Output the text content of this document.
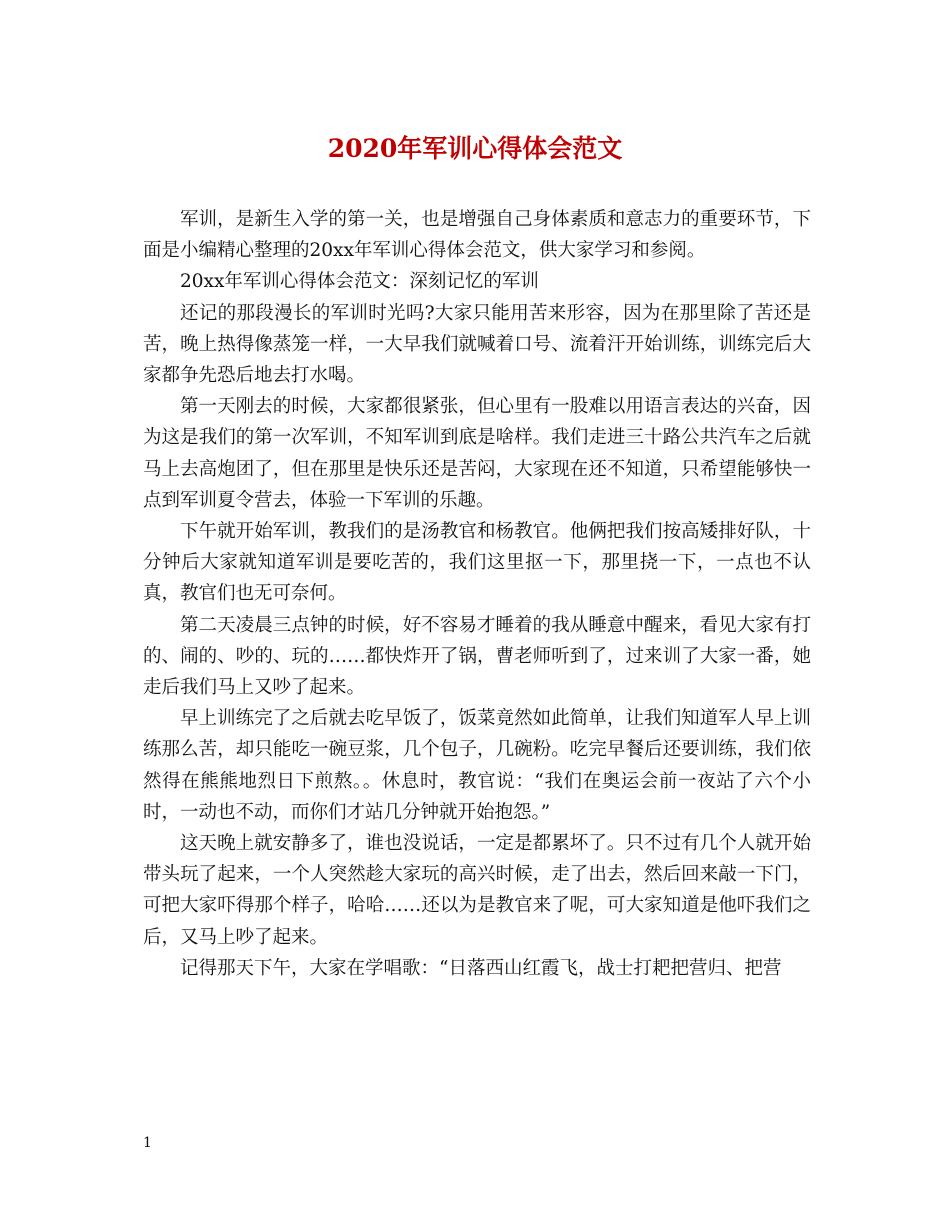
2020年军训心得体会范文

军训，是新生入学的第一关，也是增强自己身体素质和意志力的重要环节，下面是小编精心整理的20xx年军训心得体会范文，供大家学习和参阅。

20xx年军训心得体会范文：深刻记忆的军训

还记的那段漫长的军训时光吗?大家只能用苦来形容，因为在那里除了苦还是苦，晚上热得像蒸笼一样，一大早我们就喊着口号、流着汗开始训练，训练完后大家都争先恐后地去打水喝。

第一天刚去的时候，大家都很紧张，但心里有一股难以用语言表达的兴奋，因为这是我们的第一次军训，不知军训到底是啥样。我们走进三十路公共汽车之后就马上去高炮团了，但在那里是快乐还是苦闷，大家现在还不知道，只希望能够快一点到军训夏令营去，体验一下军训的乐趣。

下午就开始军训，教我们的是汤教官和杨教官。他俩把我们按高矮排好队，十分钟后大家就知道军训是要吃苦的，我们这里抠一下，那里挠一下，一点也不认真，教官们也无可奈何。

第二天凌晨三点钟的时候，好不容易才睡着的我从睡意中醒来，看见大家有打的、闹的、吵的、玩的……都快炸开了锅，曹老师听到了，过来训了大家一番，她走后我们马上又吵了起来。

早上训练完了之后就去吃早饭了，饭菜竟然如此简单，让我们知道军人早上训练那么苦，却只能吃一碗豆浆，几个包子，几碗粉。吃完早餐后还要训练，我们依然得在熊熊地烈日下煎熬。。休息时，教官说：“我们在奥运会前一夜站了六个小时，一动也不动，而你们才站几分钟就开始抱怨。”

这天晚上就安静多了，谁也没说话，一定是都累坏了。只不过有几个人就开始带头玩了起来，一个人突然趁大家玩的高兴时候，走了出去，然后回来敲一下门，可把大家吓得那个样子，哈哈……还以为是教官来了呢，可大家知道是他吓我们之后，又马上吵了起来。

记得那天下午，大家在学唱歌：“日落西山红霞飞，战士打耙把营归、把营

1
